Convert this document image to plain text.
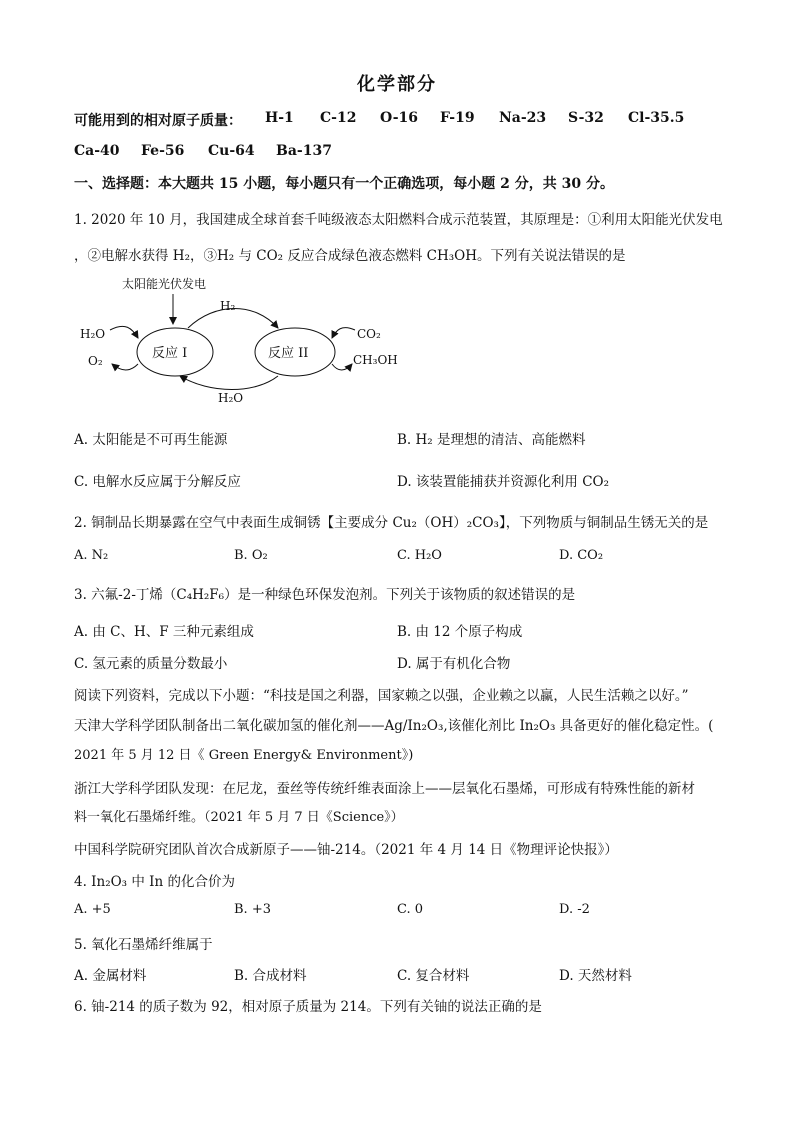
化学部分
可能用到的相对原子质量： H-1 C-12 O-16 F-19 Na-23 S-32 Cl-35.5
Ca-40 Fe-56 Cu-64 Ba-137
一、选择题：本大题共 15 小题，每小题只有一个正确选项，每小题 2 分，共 30 分。
1. 2020 年 10 月，我国建成全球首套千吨级液态太阳燃料合成示范装置，其原理是：①利用太阳能光伏发电
，②电解水获得 H₂，③H₂ 与 CO₂ 反应合成绿色液态燃料 CH₃OH。下列有关说法错误的是
太阳能光伏发电
反应 I	反应 II
H₂
H₂O
H₂O
O₂
CO₂
CH₃OH
A. 太阳能是不可再生能源	B. H₂ 是理想的清洁、高能燃料
C. 电解水反应属于分解反应	D. 该装置能捕获并资源化利用 CO₂
2. 铜制品长期暴露在空气中表面生成铜锈【主要成分 Cu₂（OH）₂CO₃】，下列物质与铜制品生锈无关的是
A. N₂	B. O₂	C. H₂O	D. CO₂
3. 六氟-2-丁烯（C₄H₂F₆）是一种绿色环保发泡剂。下列关于该物质的叙述错误的是
A. 由 C、H、F 三种元素组成	B. 由 12 个原子构成
C. 氢元素的质量分数最小	D. 属于有机化合物
阅读下列资料，完成以下小题：“科技是国之利器，国家赖之以强，企业赖之以赢，人民生活赖之以好。”
天津大学科学团队制备出二氧化碳加氢的催化剂——Ag/In₂O₃,该催化剂比 In₂O₃ 具备更好的催化稳定性。(
2021 年 5 月 12 日《 Green Energy& Environment》)
浙江大学科学团队发现：在尼龙，蚕丝等传统纤维表面涂上——层氧化石墨烯，可形成有特殊性能的新材
料一氧化石墨烯纤维。（2021 年 5 月 7 日《Science》）
中国科学院研究团队首次合成新原子——铀-214。（2021 年 4 月 14 日《物理评论快报》）
4. In₂O₃ 中 In 的化合价为
A. +5	B. +3	C. 0	D. -2
5. 氧化石墨烯纤维属于
A. 金属材料	B. 合成材料	C. 复合材料	D. 天然材料
6. 铀-214 的质子数为 92，相对原子质量为 214。下列有关铀的说法正确的是
